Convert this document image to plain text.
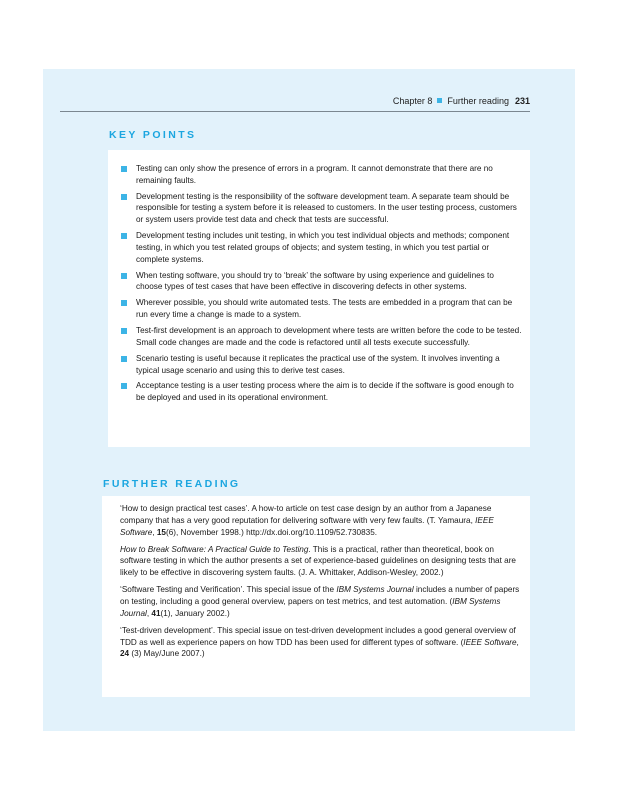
Chapter 8 Further reading 231
KEY POINTS
Testing can only show the presence of errors in a program. It cannot demonstrate that there are no remaining faults.
Development testing is the responsibility of the software development team. A separate team should be responsible for testing a system before it is released to customers. In the user testing process, customers or system users provide test data and check that tests are successful.
Development testing includes unit testing, in which you test individual objects and methods; component testing, in which you test related groups of objects; and system testing, in which you test partial or complete systems.
When testing software, you should try to ‘break’ the software by using experience and guidelines to choose types of test cases that have been effective in discovering defects in other systems.
Wherever possible, you should write automated tests. The tests are embedded in a program that can be run every time a change is made to a system.
Test-first development is an approach to development where tests are written before the code to be tested. Small code changes are made and the code is refactored until all tests execute successfully.
Scenario testing is useful because it replicates the practical use of the system. It involves inventing a typical usage scenario and using this to derive test cases.
Acceptance testing is a user testing process where the aim is to decide if the software is good enough to be deployed and used in its operational environment.
FURTHER READING
‘How to design practical test cases’. A how-to article on test case design by an author from a Japanese company that has a very good reputation for delivering software with very few faults. (T. Yamaura, IEEE Software, 15(6), November 1998.) http://dx.doi.org/10.1109/52.730835.
How to Break Software: A Practical Guide to Testing. This is a practical, rather than theoretical, book on software testing in which the author presents a set of experience-based guidelines on designing tests that are likely to be effective in discovering system faults. (J. A. Whittaker, Addison-Wesley, 2002.)
‘Software Testing and Verification’. This special issue of the IBM Systems Journal includes a number of papers on testing, including a good general overview, papers on test metrics, and test automation. (IBM Systems Journal, 41(1), January 2002.)
‘Test-driven development’. This special issue on test-driven development includes a good general overview of TDD as well as experience papers on how TDD has been used for different types of software. (IEEE Software, 24 (3) May/June 2007.)
